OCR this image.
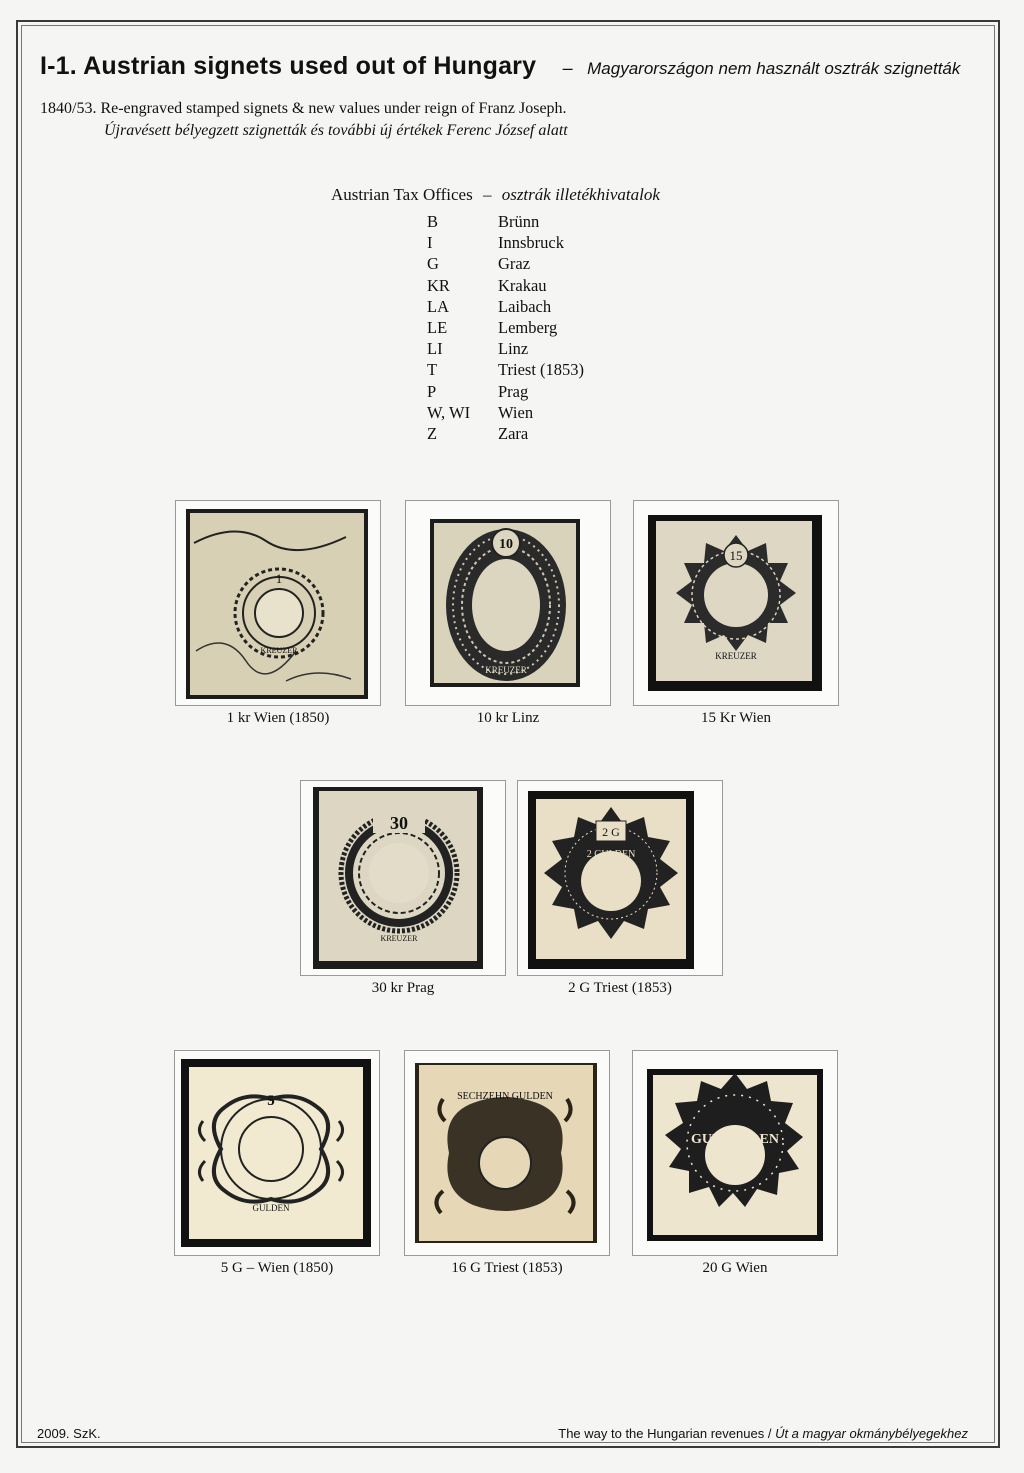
I-1. Austrian signets used out of Hungary – Magyarországon nem használt osztrák szignetták
1840/53. Re-engraved stamped signets & new values under reign of Franz Joseph.
Újravésett bélyegzett szignetták és további új értékek Ferenc József alatt
Austrian Tax Offices – osztrák illetékhivatalok
B	Brünn
I	Innsbruck
G	Graz
KR	Krakau
LA	Laibach
LE	Lemberg
LI	Linz
T	Triest (1853)
P	Prag
W, WI Wien
Z	Zara
1
KREUZER
1 kr Wien (1850)
10
KREUZER
10 kr Linz
15
KREUZER
15 Kr Wien
30
KREUZER
30 kr Prag
2 G
2 GULDEN
2 G Triest (1853)
5
GULDEN
5 G – Wien (1850)
SECHZEHN GULDEN
16 G Triest (1853)
GUL. 20. DEN
20 G Wien
2009. SzK.	The way to the Hungarian revenues / Út a magyar okmánybélyegekhez
